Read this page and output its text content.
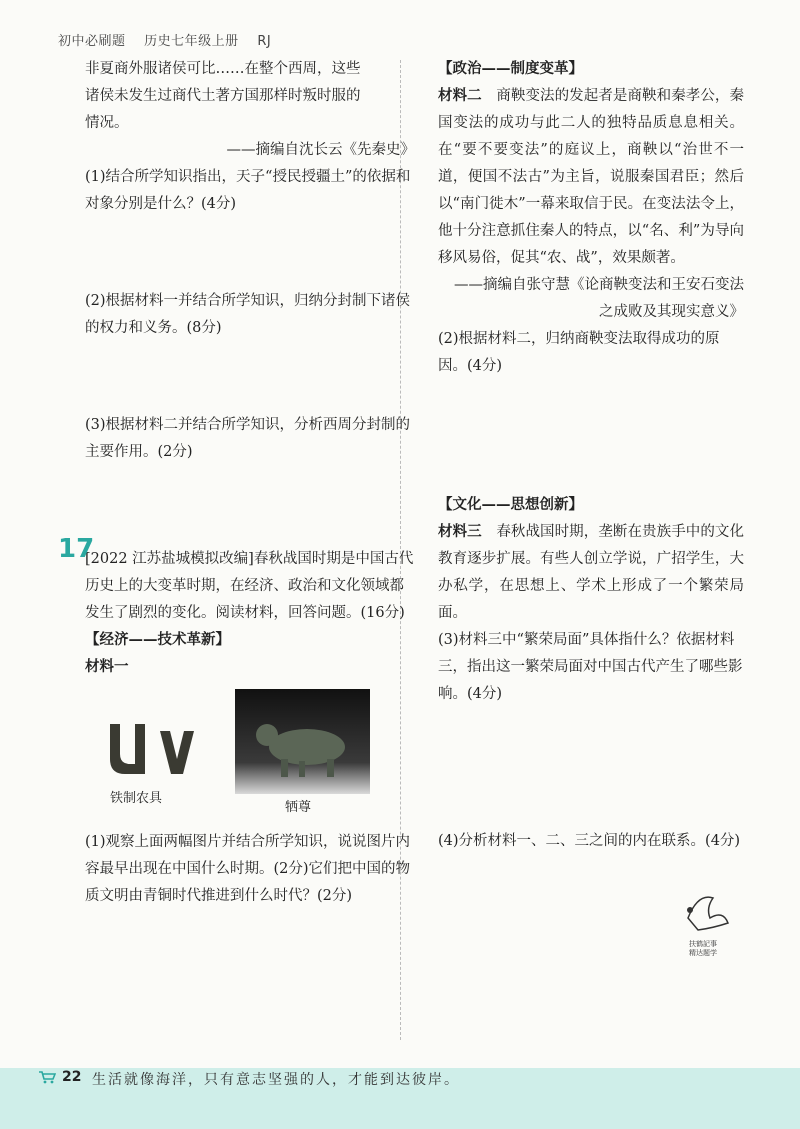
初中必刷题 历史七年级上册 RJ

非夏商外服诸侯可比……在整个西周，这些

诸侯未发生过商代土著方国那样时叛时服的

情况。

——摘编自沈长云《先秦史》

(1)结合所学知识指出，天子“授民授疆土”的依据和对象分别是什么？(4分)

(2)根据材料一并结合所学知识，归纳分封制下诸侯的权力和义务。(8分)

(3)根据材料二并结合所学知识，分析西周分封制的主要作用。(2分)

[2022 江苏盐城模拟改编]春秋战国时期是中国古代历史上的大变革时期，在经济、政治和文化领域都发生了剧烈的变化。阅读材料，回答问题。(16分)

【经济——技术革新】

材料一

铁制农具
牺尊

(1)观察上面两幅图片并结合所学知识，说说图片内容最早出现在中国什么时期。(2分)它们把中国的物质文明由青铜时代推进到什么时代？(2分)

17

【政治——制度变革】

材料二　 商鞅变法的发起者是商鞅和秦孝公，秦国变法的成功与此二人的独特品质息息相关。在“要不要变法”的庭议上，商鞅以“治世不一道，便国不法古”为主旨，说服秦国君臣；然后以“南门徙木”一幕来取信于民。在变法法令上，他十分注意抓住秦人的特点，以“名、利”为导向移风易俗，促其“农、战”，效果颇著。

——摘编自张守慧《论商鞅变法和王安石变法

之成败及其现实意义》

(2)根据材料二，归纳商鞅变法取得成功的原因。(4分)

【文化——思想创新】

材料三　 春秋战国时期，垄断在贵族手中的文化教育逐步扩展。有些人创立学说，广招学生，大办私学，在思想上、学术上形成了一个繁荣局面。

(3)材料三中“繁荣局面”具体指什么？依据材料三，指出这一繁荣局面对中国古代产生了哪些影响。(4分)

(4)分析材料一、二、三之间的内在联系。(4分)

扶鹤記事
精达题学
22 生活就像海洋，只有意志坚强的人，才能到达彼岸。
